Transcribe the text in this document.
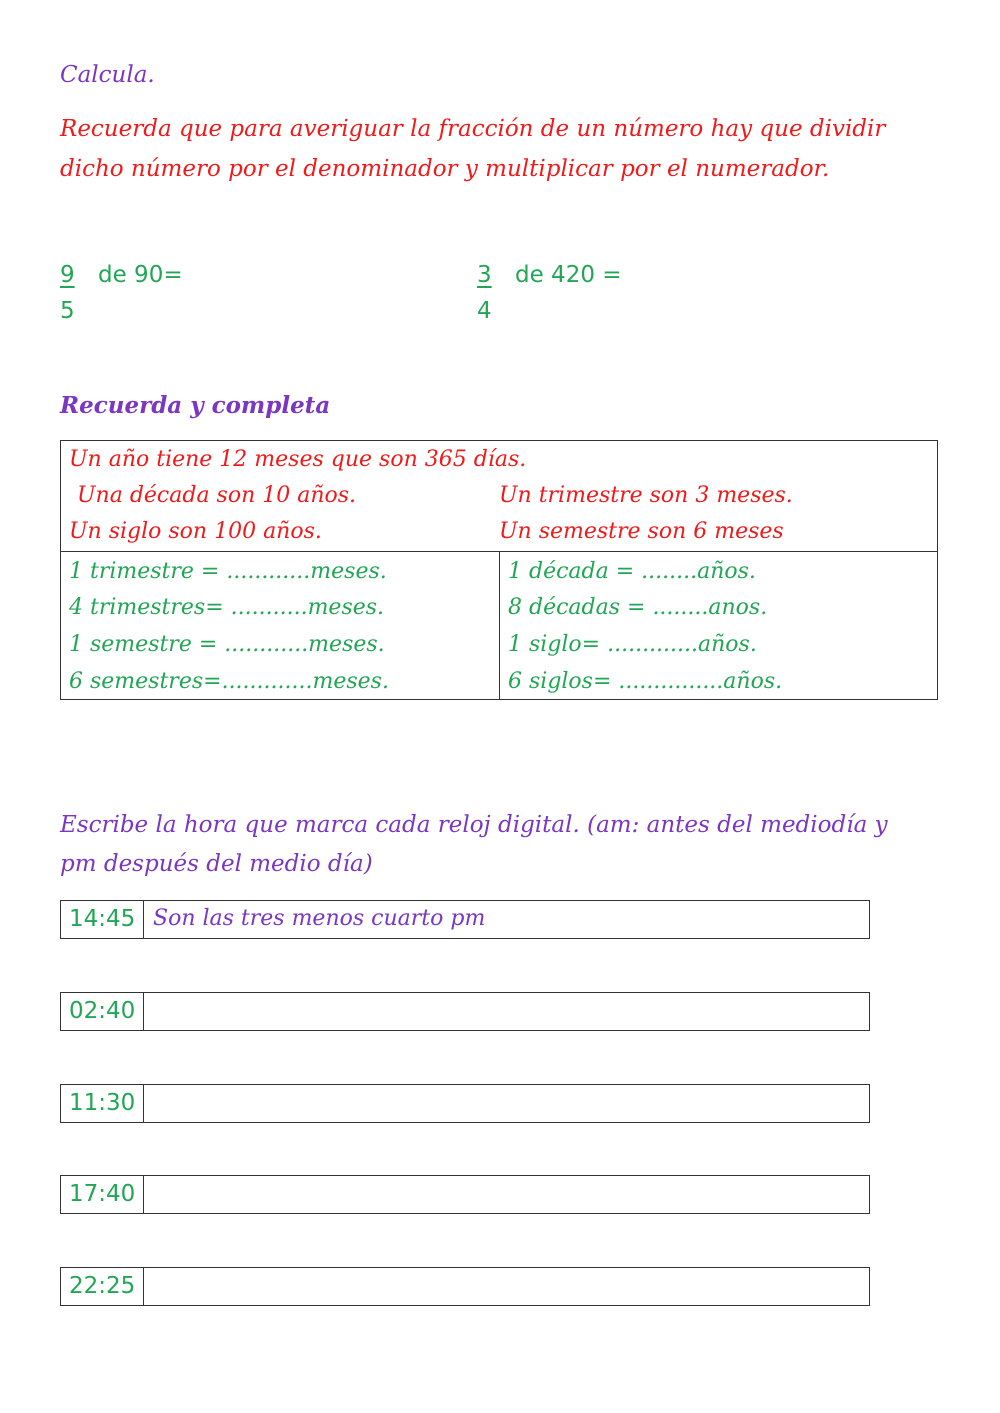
Calcula.
Recuerda que para averiguar la fracción de un número hay que dividir
dicho número por el denominador y multiplicar por el numerador.
9 de 90=
5
3 de 420 =
4
Recuerda y completa
Un año tiene 12 meses que son 365 días.
Una década son 10 años.	Un trimestre son 3 meses.
Un siglo son 100 años.	Un semestre son 6 meses
1 trimestre = ............meses.
4 trimestres= ...........meses.
1 semestre = ............meses.
6 semestres=.............meses.
1 década = ........años.
8 décadas = ........anos.
1 siglo= .............años.
6 siglos= ...............años.
Escribe la hora que marca cada reloj digital. (am: antes del mediodía y
pm después del medio día)
14:45 Son las tres menos cuarto pm
02:40
11:30
17:40
22:25
